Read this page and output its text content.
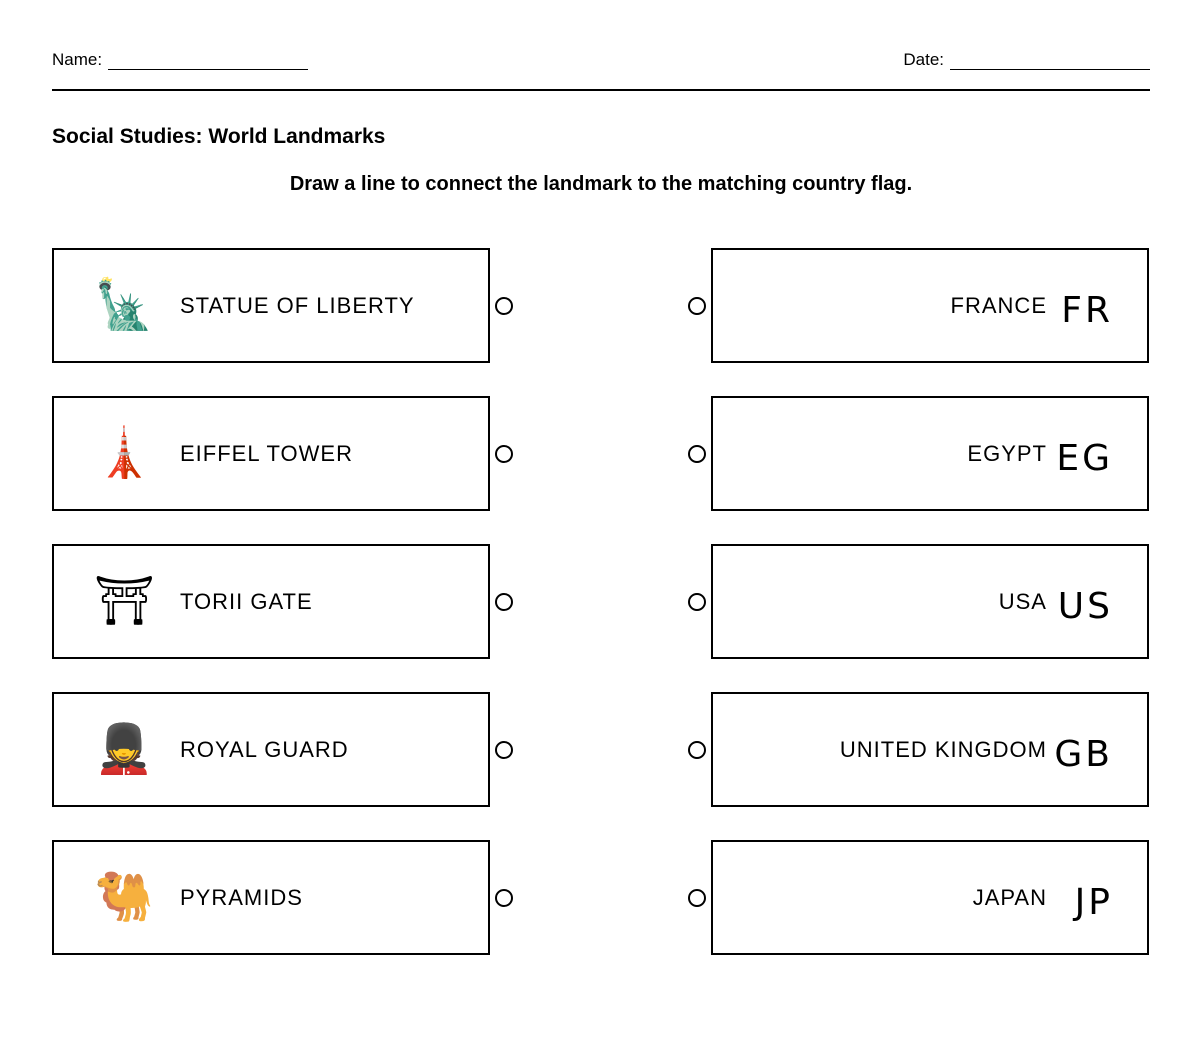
Name:	Date:
Social Studies: World Landmarks
Draw a line to connect the landmark to the matching country flag.
🗽 STATUE OF LIBERTY
🗼 EIFFEL TOWER
⛩ TORII GATE
💂 ROYAL GUARD
🐫 PYRAMIDS
FRANCE FR
EGYPT EG
USA US
UNITED KINGDOM GB
JAPAN JP
